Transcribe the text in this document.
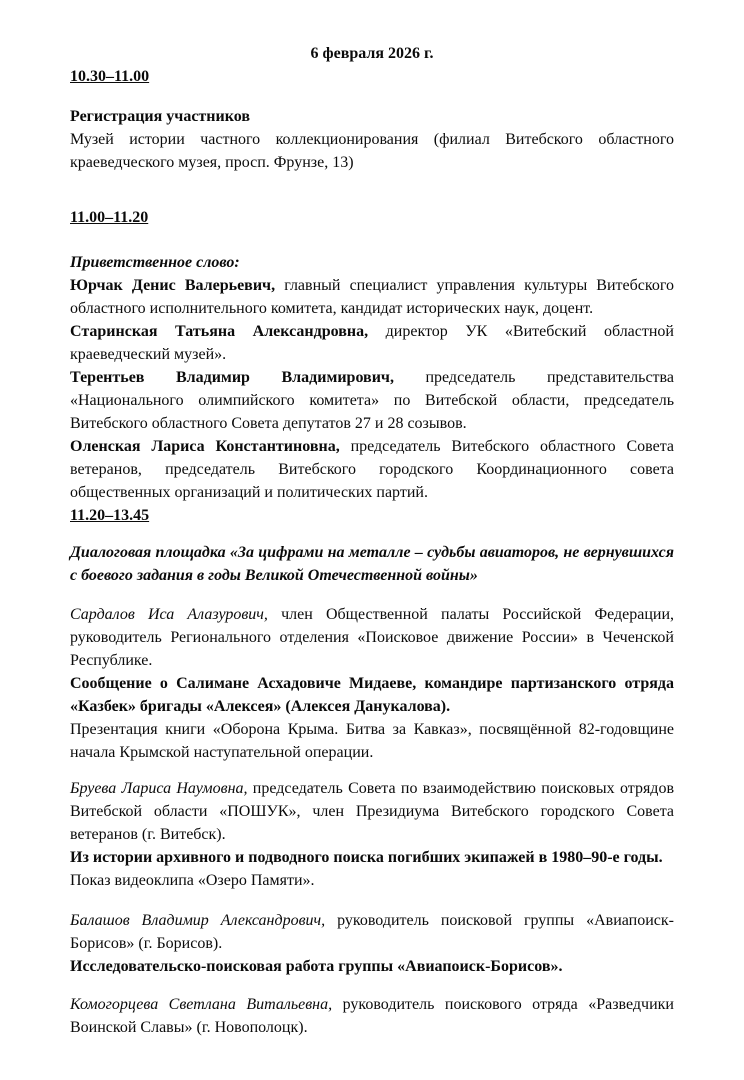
6 февраля 2026 г.

10.30–11.00

Регистрация участников

Музей истории частного коллекционирования (филиал Витебского областного краеведческого музея, просп. Фрунзе, 13)

11.00–11.20

Приветственное слово:

Юрчак Денис Валерьевич, главный специалист управления культуры Витебского областного исполнительного комитета, кандидат исторических наук, доцент.

Старинская Татьяна Александровна, директор УК «Витебский областной краеведческий музей».

Терентьев Владимир Владимирович, председатель представительства «Национального олимпийского комитета» по Витебской области, председатель Витебского областного Совета депутатов 27 и 28 созывов.

Оленская Лариса Константиновна, председатель Витебского областного Совета ветеранов, председатель Витебского городского Координационного совета общественных организаций и политических партий.

11.20–13.45

Диалоговая площадка «За цифрами на металле – судьбы авиаторов, не вернувшихся с боевого задания в годы Великой Отечественной войны»

Сардалов Иса Алазурович, член Общественной палаты Российской Федерации, руководитель Регионального отделения «Поисковое движение России» в Чеченской Республике.

Сообщение о Салимане Асхадовиче Мидаеве, командире партизанского отряда «Казбек» бригады «Алексея» (Алексея Данукалова).

Презентация книги «Оборона Крыма. Битва за Кавказ», посвящённой 82-годовщине начала Крымской наступательной операции.

Бруева Лариса Наумовна, председатель Совета по взаимодействию поисковых отрядов Витебской области «ПОШУК», член Президиума Витебского городского Совета ветеранов (г. Витебск).

Из истории архивного и подводного поиска погибших экипажей в 1980–90-е годы.

Показ видеоклипа «Озеро Памяти».

Балашов Владимир Александрович, руководитель поисковой группы «Авиапоиск-Борисов» (г. Борисов).

Исследовательско-поисковая работа группы «Авиапоиск-Борисов».

Комогорцева Светлана Витальевна, руководитель поискового отряда «Разведчики Воинской Славы» (г. Новополоцк).
